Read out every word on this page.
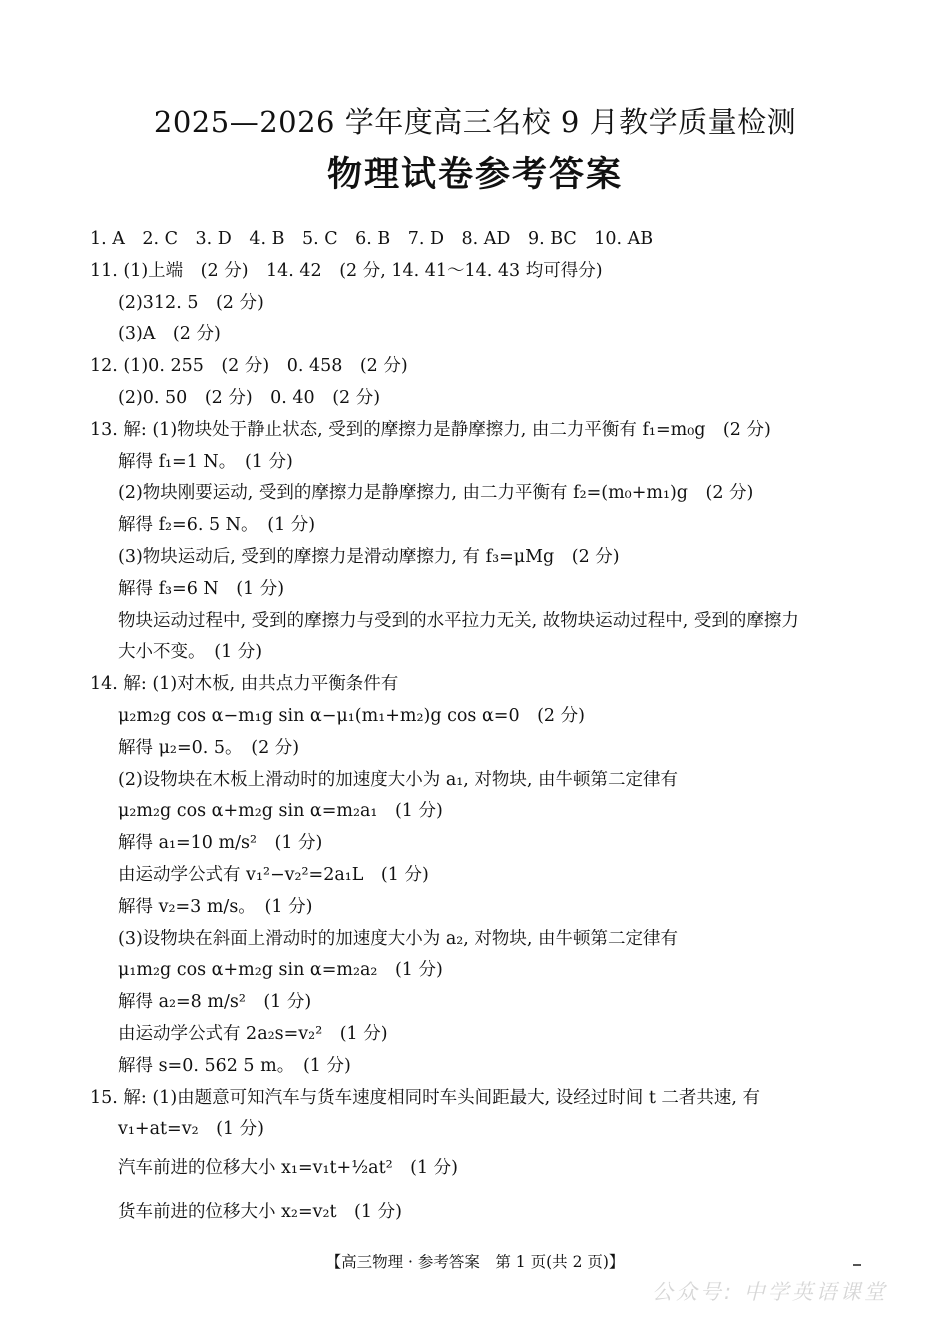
2025—2026 学年度高三名校 9 月教学质量检测
物理试卷参考答案
1. A　2. C　3. D　4. B　5. C　6. B　7. D　8. AD　9. BC　10. AB
11. (1)上端　(2 分)　14. 42　(2 分, 14. 41～14. 43 均可得分)
(2)312. 5　(2 分)
(3)A　(2 分)
12. (1)0. 255　(2 分)　0. 458　(2 分)
(2)0. 50　(2 分)　0. 40　(2 分)
13. 解: (1)物块处于静止状态, 受到的摩擦力是静摩擦力, 由二力平衡有 f₁=m₀g　(2 分)
解得 f₁=1 N。　(1 分)
(2)物块刚要运动, 受到的摩擦力是静摩擦力, 由二力平衡有 f₂=(m₀+m₁)g　(2 分)
解得 f₂=6. 5 N。　(1 分)
(3)物块运动后, 受到的摩擦力是滑动摩擦力, 有 f₃=μMg　(2 分)
解得 f₃=6 N　(1 分)
物块运动过程中, 受到的摩擦力与受到的水平拉力无关, 故物块运动过程中, 受到的摩擦力
大小不变。　(1 分)
14. 解: (1)对木板, 由共点力平衡条件有
μ₂m₂g cos α−m₁g sin α−μ₁(m₁+m₂)g cos α=0　(2 分)
解得 μ₂=0. 5。　(2 分)
(2)设物块在木板上滑动时的加速度大小为 a₁, 对物块, 由牛顿第二定律有
μ₂m₂g cos α+m₂g sin α=m₂a₁　(1 分)
解得 a₁=10 m/s²　(1 分)
由运动学公式有 v₁²−v₂²=2a₁L　(1 分)
解得 v₂=3 m/s。　(1 分)
(3)设物块在斜面上滑动时的加速度大小为 a₂, 对物块, 由牛顿第二定律有
μ₁m₂g cos α+m₂g sin α=m₂a₂　(1 分)
解得 a₂=8 m/s²　(1 分)
由运动学公式有 2a₂s=v₂²　(1 分)
解得 s=0. 562 5 m。　(1 分)
15. 解: (1)由题意可知汽车与货车速度相同时车头间距最大, 设经过时间 t 二者共速, 有
v₁+at=v₂　(1 分)
汽车前进的位移大小 x₁=v₁t+½at²　(1 分)
货车前进的位移大小 x₂=v₂t　(1 分)
【高三物理 · 参考答案　第 1 页(共 2 页)】
公众号: 中学英语课堂
